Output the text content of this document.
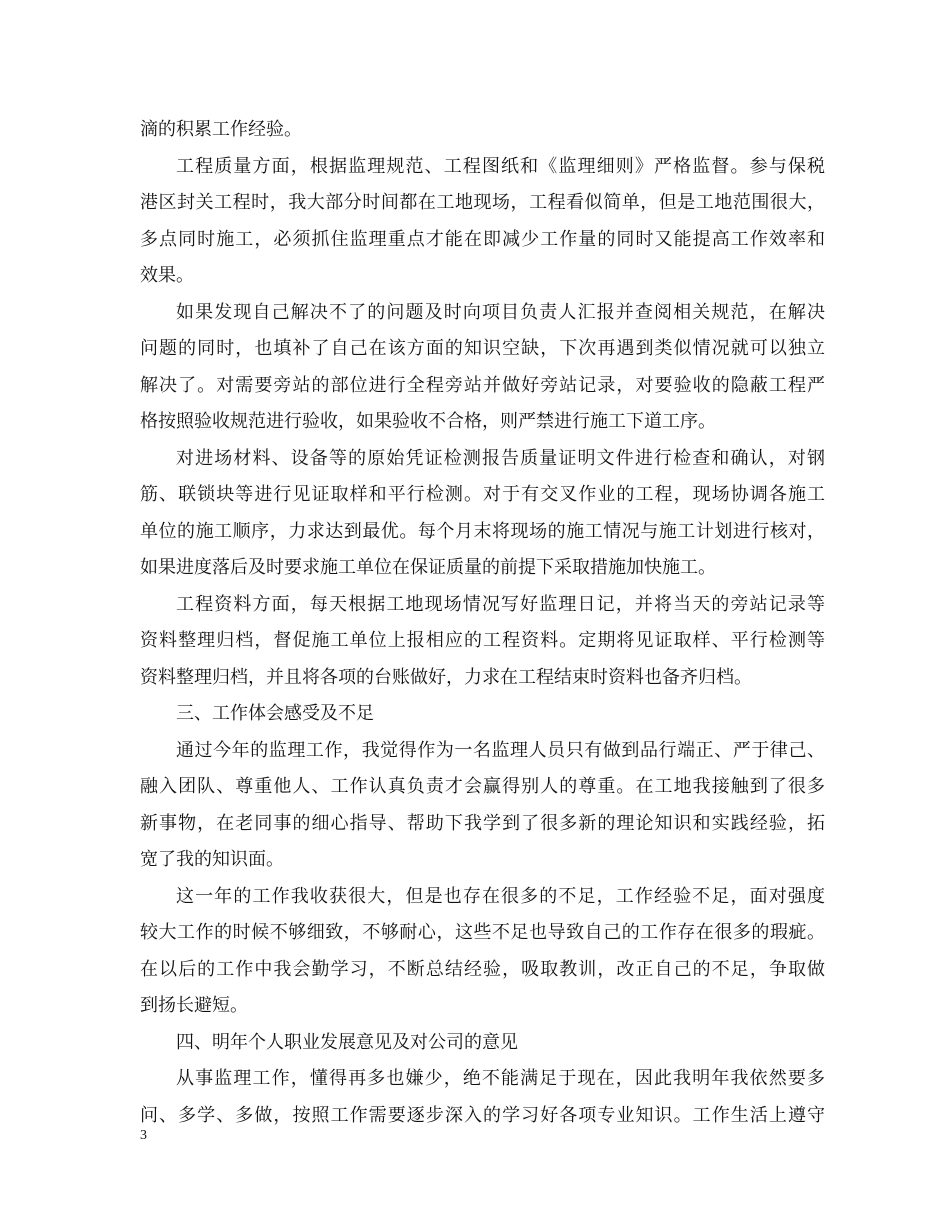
滴的积累工作经验。
工程质量方面，根据监理规范、工程图纸和《监理细则》严格监督。参与保税
港区封关工程时，我大部分时间都在工地现场，工程看似简单，但是工地范围很大，
多点同时施工，必须抓住监理重点才能在即减少工作量的同时又能提高工作效率和
效果。
如果发现自己解决不了的问题及时向项目负责人汇报并查阅相关规范，在解决
问题的同时，也填补了自己在该方面的知识空缺，下次再遇到类似情况就可以独立
解决了。对需要旁站的部位进行全程旁站并做好旁站记录，对要验收的隐蔽工程严
格按照验收规范进行验收，如果验收不合格，则严禁进行施工下道工序。
对进场材料、设备等的原始凭证检测报告质量证明文件进行检查和确认，对钢
筋、联锁块等进行见证取样和平行检测。对于有交叉作业的工程，现场协调各施工
单位的施工顺序，力求达到最优。每个月末将现场的施工情况与施工计划进行核对，
如果进度落后及时要求施工单位在保证质量的前提下采取措施加快施工。
工程资料方面，每天根据工地现场情况写好监理日记，并将当天的旁站记录等
资料整理归档，督促施工单位上报相应的工程资料。定期将见证取样、平行检测等
资料整理归档，并且将各项的台账做好，力求在工程结束时资料也备齐归档。
三、工作体会感受及不足
通过今年的监理工作，我觉得作为一名监理人员只有做到品行端正、严于律己、
融入团队、尊重他人、工作认真负责才会赢得别人的尊重。在工地我接触到了很多
新事物，在老同事的细心指导、帮助下我学到了很多新的理论知识和实践经验，拓
宽了我的知识面。
这一年的工作我收获很大，但是也存在很多的不足，工作经验不足，面对强度
较大工作的时候不够细致，不够耐心，这些不足也导致自己的工作存在很多的瑕疵。
在以后的工作中我会勤学习，不断总结经验，吸取教训，改正自己的不足，争取做
到扬长避短。
四、明年个人职业发展意见及对公司的意见
从事监理工作，懂得再多也嫌少，绝不能满足于现在，因此我明年我依然要多
问、多学、多做，按照工作需要逐步深入的学习好各项专业知识。工作生活上遵守
3
